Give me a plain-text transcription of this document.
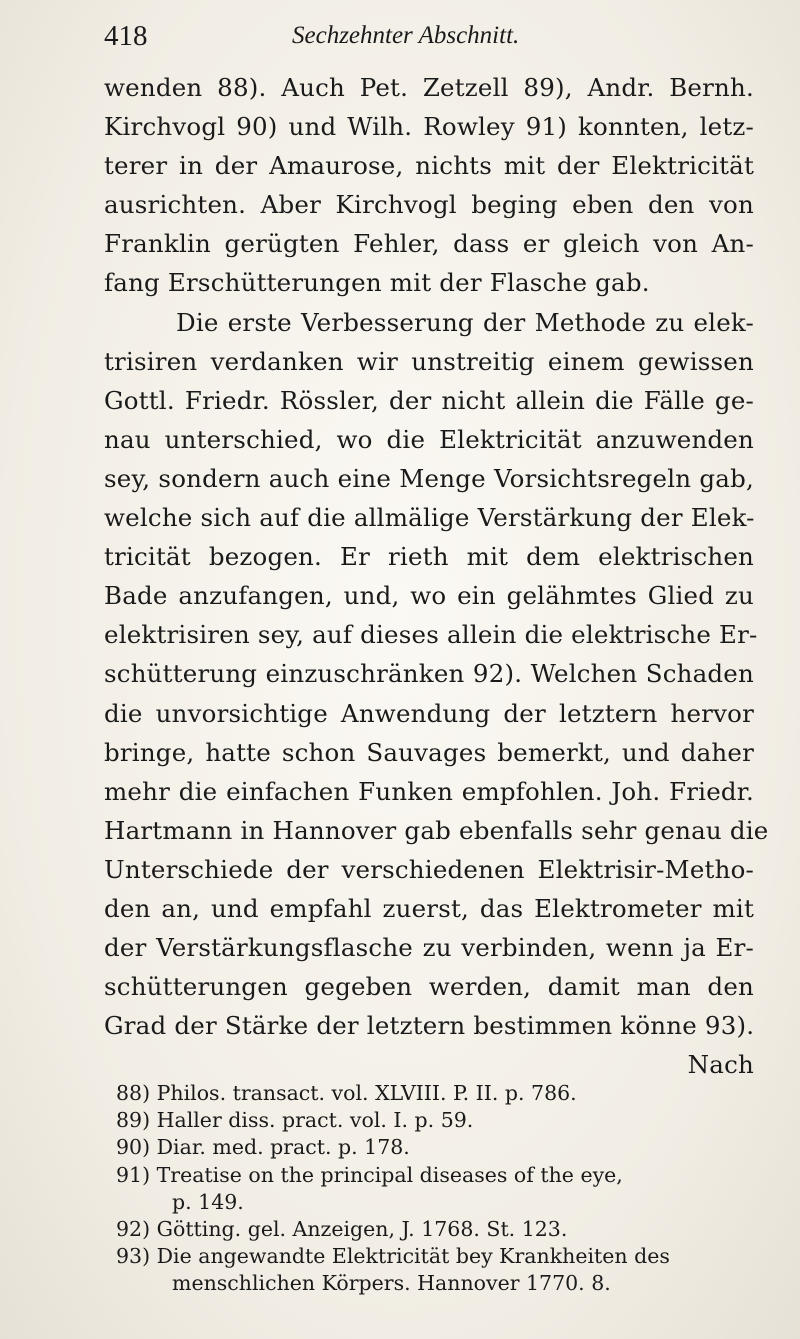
418	Sechzehnter Abschnitt.
wenden 88). Auch Pet. Zetzell 89), Andr. Bernh.
Kirchvogl 90) und Wilh. Rowley 91) konnten, letz-
terer in der Amaurose, nichts mit der Elektricität
ausrichten. Aber Kirchvogl beging eben den von
Franklin gerügten Fehler, dass er gleich von An-
fang Erschütterungen mit der Flasche gab.
Die erste Verbesserung der Methode zu elek-
trisiren verdanken wir unstreitig einem gewissen
Gottl. Friedr. Rössler, der nicht allein die Fälle ge-
nau unterschied, wo die Elektricität anzuwenden
sey, sondern auch eine Menge Vorsichtsregeln gab,
welche sich auf die allmälige Verstärkung der Elek-
tricität bezogen. Er rieth mit dem elektrischen
Bade anzufangen, und, wo ein gelähmtes Glied zu
elektrisiren sey, auf dieses allein die elektrische Er-
schütterung einzuschränken 92). Welchen Schaden
die unvorsichtige Anwendung der letztern hervor
bringe, hatte schon Sauvages bemerkt, und daher
mehr die einfachen Funken empfohlen. Joh. Friedr.
Hartmann in Hannover gab ebenfalls sehr genau die
Unterschiede der verschiedenen Elektrisir-Metho-
den an, und empfahl zuerst, das Elektrometer mit
der Verstärkungsflasche zu verbinden, wenn ja Er-
schütterungen gegeben werden, damit man den
Grad der Stärke der letztern bestimmen könne 93).
Nach
88) Philos. transact. vol. XLVIII. P. II. p. 786.
89) Haller diss. pract. vol. I. p. 59.
90) Diar. med. pract. p. 178.
91) Treatise on the principal diseases of the eye,
p. 149.
92) Götting. gel. Anzeigen, J. 1768. St. 123.
93) Die angewandte Elektricität bey Krankheiten des
menschlichen Körpers. Hannover 1770. 8.
